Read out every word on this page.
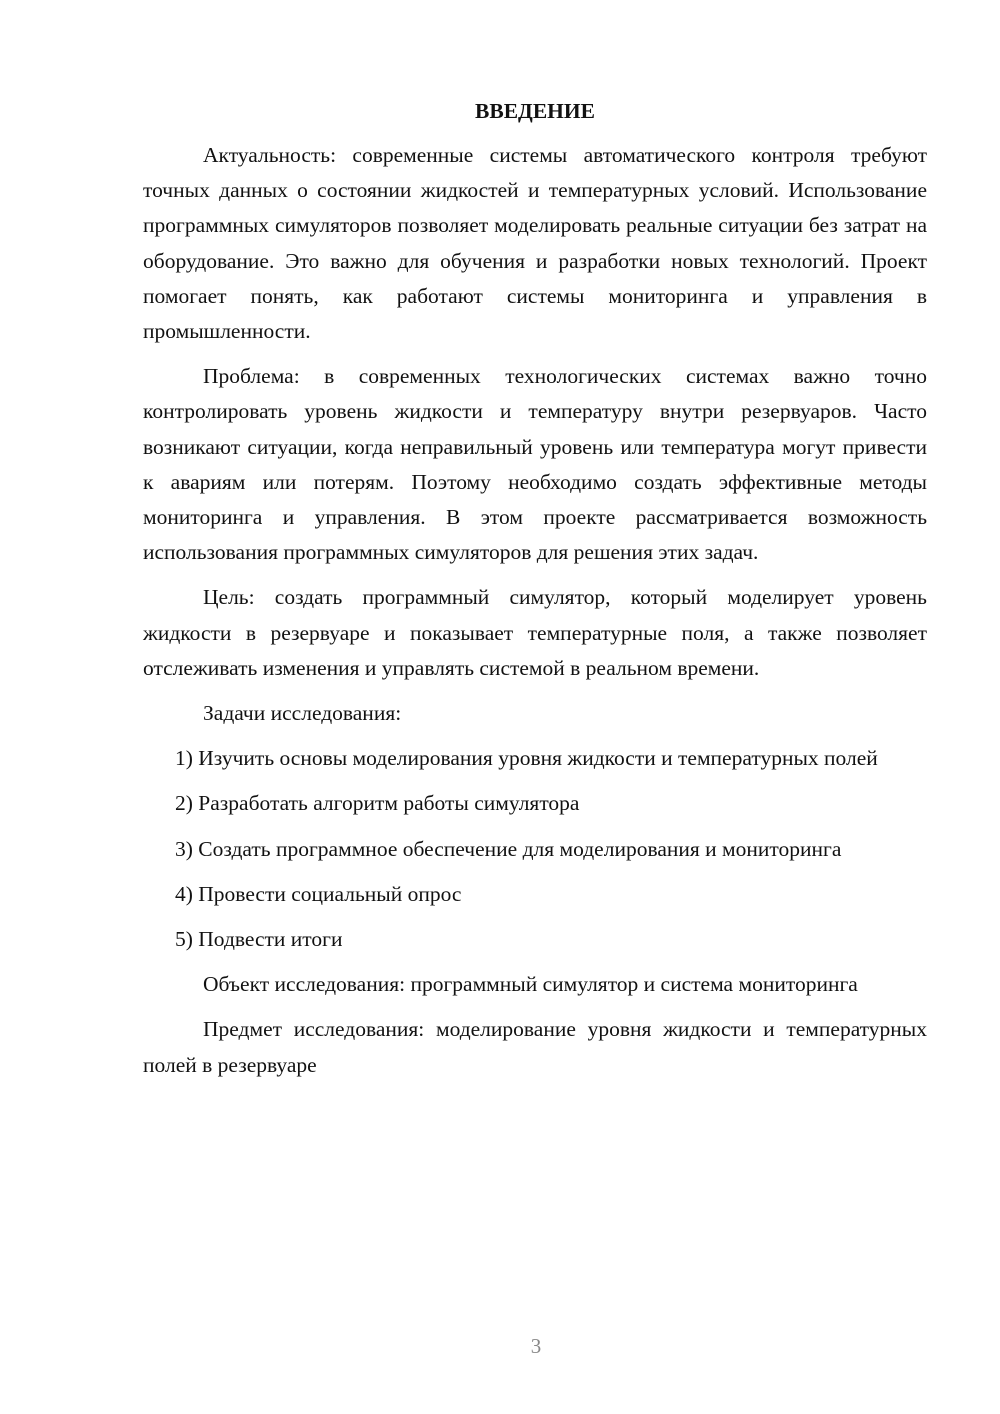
ВВЕДЕНИЕ

Актуальность: современные системы автоматического контроля требуют точных данных о состоянии жидкостей и температурных условий. Использование программных симуляторов позволяет моделировать реальные ситуации без затрат на оборудование. Это важно для обучения и разработки новых технологий. Проект помогает понять, как работают системы мониторинга и управления в промышленности.

Проблема: в современных технологических системах важно точно контролировать уровень жидкости и температуру внутри резервуаров. Часто возникают ситуации, когда неправильный уровень или температура могут привести к авариям или потерям. Поэтому необходимо создать эффективные методы мониторинга и управления. В этом проекте рассматривается возможность использования программных симуляторов для решения этих задач.

Цель: создать программный симулятор, который моделирует уровень жидкости в резервуаре и показывает температурные поля, а также позволяет отслеживать изменения и управлять системой в реальном времени.

Задачи исследования:

1) Изучить основы моделирования уровня жидкости и температурных полей

2) Разработать алгоритм работы симулятора

3) Создать программное обеспечение для моделирования и мониторинга

4) Провести социальный опрос

5) Подвести итоги

Объект исследования: программный симулятор и система мониторинга

Предмет исследования: моделирование уровня жидкости и температурных полей в резервуаре

3
